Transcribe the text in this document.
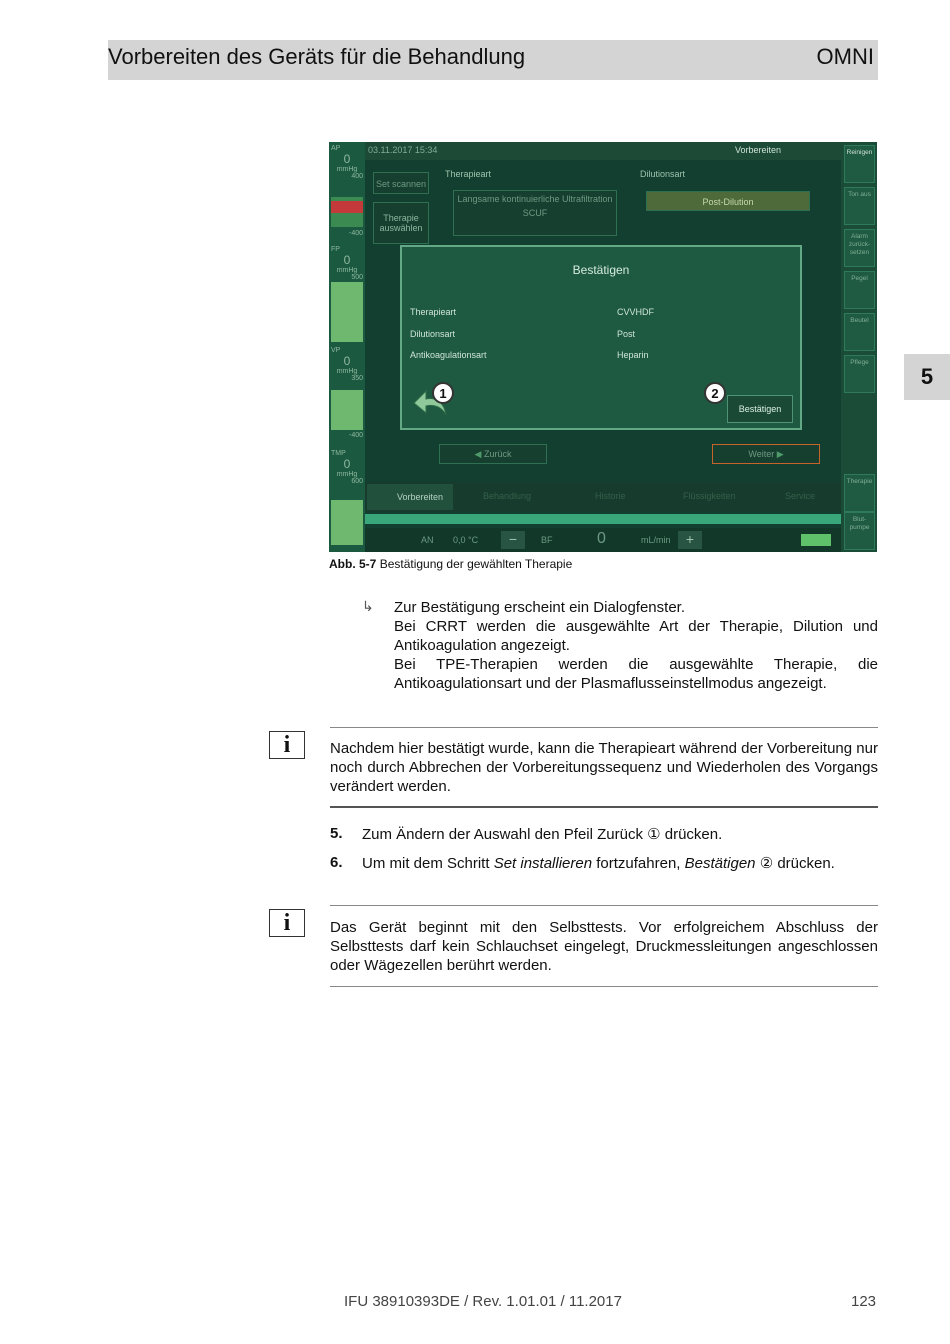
Vorbereiten des Geräts für die Behandlung	OMNI
5
AP
0
mmHg
400
-400
FP
0
mmHg
500
VP
0
mmHg
350
-400
TMP
0
mmHg
600
03.11.2017 15:34	Vorbereiten
Set scannen
Therapie auswählen
Therapieart
Langsame kontinuierliche Ultrafiltration
SCUF
Dilutionsart
Post-Dilution
Bestätigen
Therapieart	CVVHDF
Dilutionsart	Post
Antikoagulationsart	Heparin
1	2
Bestätigen
◀ Zurück	Weiter ▶
Vorbereiten	Behandlung	Historie	Flüssigkeiten	Service
AN 0,0 °C	−	BF	0	mL/min	+
Reinigen
Ton aus
Alarm zurück-setzen
Pegel
Beutel
Pflege
Therapie
Blut-pumpe
Abb. 5-7 Bestätigung der gewählten Therapie
↳ Zur Bestätigung erscheint ein Dialogfenster.
Bei CRRT werden die ausgewählte Art der Therapie, Dilution und Antikoagulation angezeigt.
Bei TPE-Therapien werden die ausgewählte Therapie, die Antikoagulationsart und der Plasmaflusseinstellmodus angezeigt.
i	Nachdem hier bestätigt wurde, kann die Therapieart während der Vorbereitung nur noch durch Abbrechen der Vorbereitungssequenz und Wiederholen des Vorgangs verändert werden.
5. Zum Ändern der Auswahl den Pfeil Zurück ① drücken.
6. Um mit dem Schritt Set installieren fortzufahren, Bestätigen ② drücken.
i	Das Gerät beginnt mit den Selbsttests. Vor erfolgreichem Abschluss der Selbsttests darf kein Schlauchset eingelegt, Druckmessleitungen angeschlossen oder Wägezellen berührt werden.
IFU 38910393DE / Rev. 1.01.01 / 11.2017	123
